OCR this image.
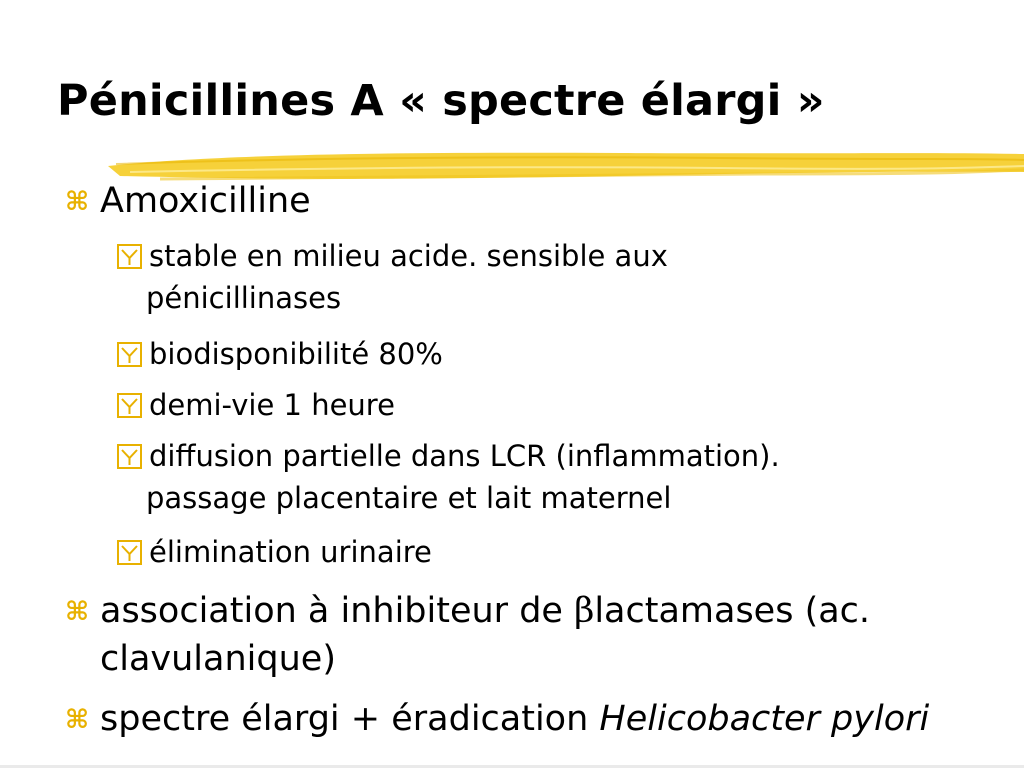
Pénicillines A « spectre élargi »
⌘ Amoxicilline
stable en milieu acide. sensible aux
pénicillinases
biodisponibilité 80%
demi-vie 1 heure
diffusion partielle dans LCR (inflammation).
passage placentaire et lait maternel
élimination urinaire
⌘ association à inhibiteur de βlactamases (ac.
clavulanique)
⌘ spectre élargi + éradication Helicobacter pylori
